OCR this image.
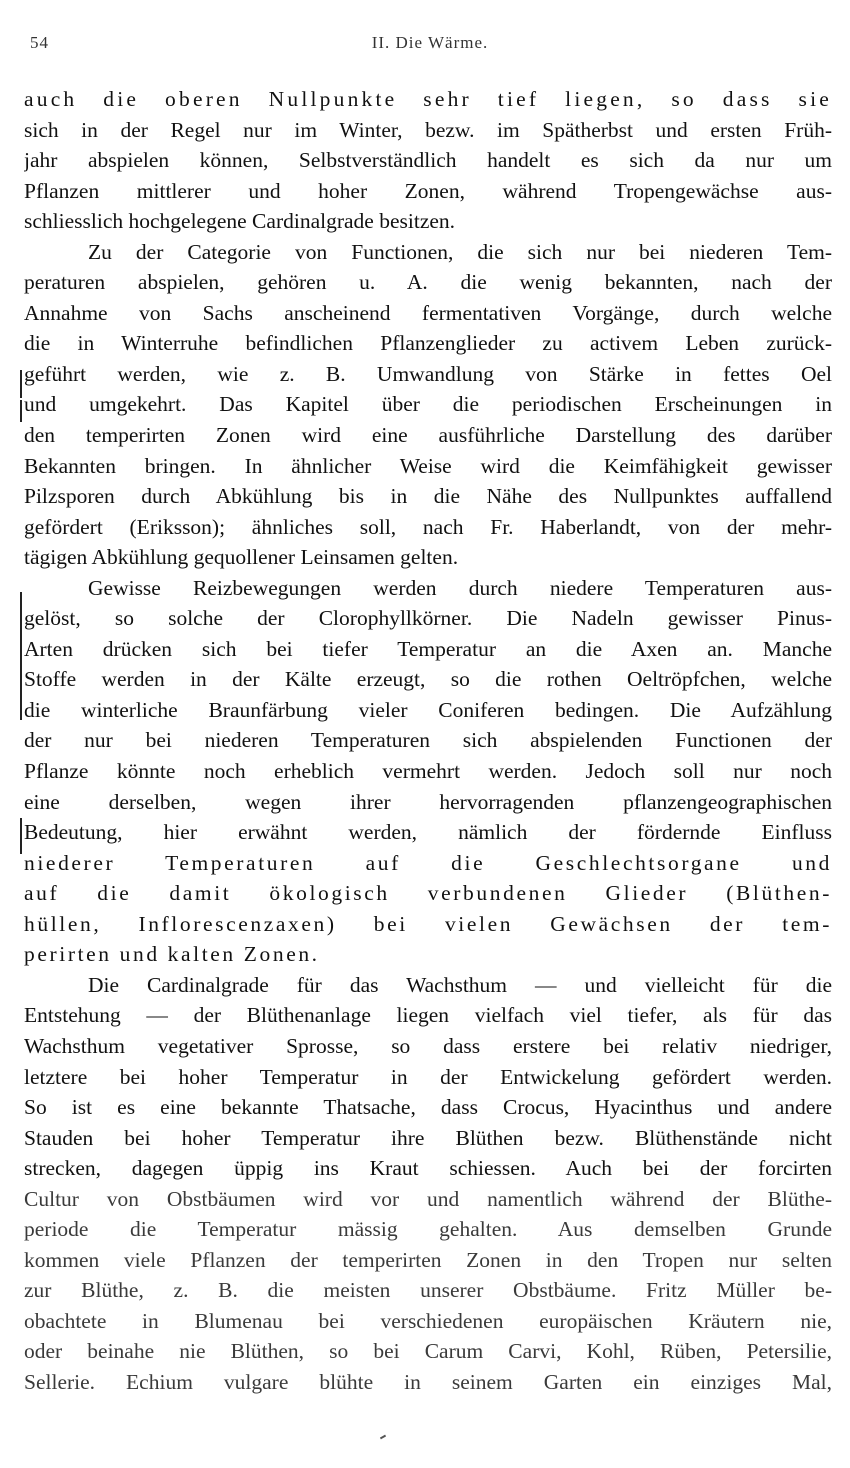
54	II. Die Wärme.
auch die oberen Nullpunkte sehr tief liegen, so dass sie
sich in der Regel nur im Winter, bezw. im Spätherbst und ersten Früh-
jahr abspielen können, Selbstverständlich handelt es sich da nur um
Pflanzen mittlerer und hoher Zonen, während Tropengewächse aus-
schliesslich hochgelegene Cardinalgrade besitzen.
Zu der Categorie von Functionen, die sich nur bei niederen Tem-
peraturen abspielen, gehören u. A. die wenig bekannten, nach der
Annahme von Sachs anscheinend fermentativen Vorgänge, durch welche
die in Winterruhe befindlichen Pflanzenglieder zu activem Leben zurück-
geführt werden, wie z. B. Umwandlung von Stärke in fettes Oel
und umgekehrt. Das Kapitel über die periodischen Erscheinungen in
den temperirten Zonen wird eine ausführliche Darstellung des darüber
Bekannten bringen. In ähnlicher Weise wird die Keimfähigkeit gewisser
Pilzsporen durch Abkühlung bis in die Nähe des Nullpunktes auffallend
gefördert (Eriksson); ähnliches soll, nach Fr. Haberlandt, von der mehr-
tägigen Abkühlung gequollener Leinsamen gelten.
Gewisse Reizbewegungen werden durch niedere Temperaturen aus-
gelöst, so solche der Clorophyllkörner. Die Nadeln gewisser Pinus-
Arten drücken sich bei tiefer Temperatur an die Axen an. Manche
Stoffe werden in der Kälte erzeugt, so die rothen Oeltröpfchen, welche
die winterliche Braunfärbung vieler Coniferen bedingen. Die Aufzählung
der nur bei niederen Temperaturen sich abspielenden Functionen der
Pflanze könnte noch erheblich vermehrt werden. Jedoch soll nur noch
eine derselben, wegen ihrer hervorragenden pflanzengeographischen
Bedeutung, hier erwähnt werden, nämlich der fördernde Einfluss
niederer Temperaturen auf die Geschlechtsorgane und
auf die damit ökologisch verbundenen Glieder (Blüthen-
hüllen, Inflorescenzaxen) bei vielen Gewächsen der tem-
perirten und kalten Zonen.
Die Cardinalgrade für das Wachsthum — und vielleicht für die
Entstehung — der Blüthenanlage liegen vielfach viel tiefer, als für das
Wachsthum vegetativer Sprosse, so dass erstere bei relativ niedriger,
letztere bei hoher Temperatur in der Entwickelung gefördert werden.
So ist es eine bekannte Thatsache, dass Crocus, Hyacinthus und andere
Stauden bei hoher Temperatur ihre Blüthen bezw. Blüthenstände nicht
strecken, dagegen üppig ins Kraut schiessen. Auch bei der forcirten
Cultur von Obstbäumen wird vor und namentlich während der Blüthe-
periode die Temperatur mässig gehalten. Aus demselben Grunde
kommen viele Pflanzen der temperirten Zonen in den Tropen nur selten
zur Blüthe, z. B. die meisten unserer Obstbäume. Fritz Müller be-
obachtete in Blumenau bei verschiedenen europäischen Kräutern nie,
oder beinahe nie Blüthen, so bei Carum Carvi, Kohl, Rüben, Petersilie,
Sellerie. Echium vulgare blühte in seinem Garten ein einziges Mal,
